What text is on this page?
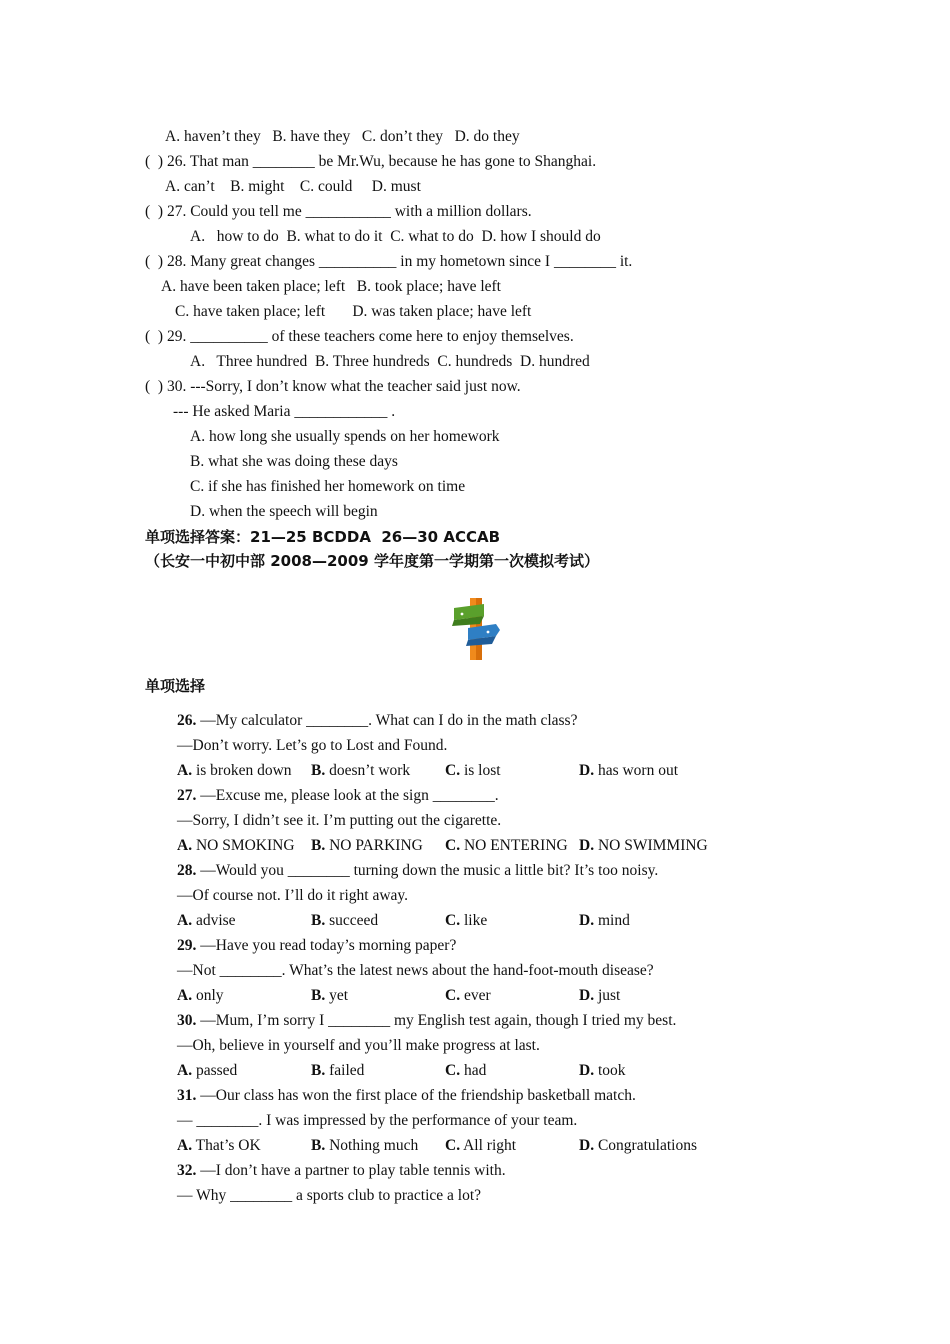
A. haven’t they   B. have they   C. don’t they   D. do they
(  ) 26. That man ________ be Mr.Wu, because he has gone to Shanghai.
A. can’t    B. might    C. could     D. must
(  ) 27. Could you tell me ___________ with a million dollars.
A.   how to do  B. what to do it  C. what to do  D. how I should do
(  ) 28. Many great changes __________ in my hometown since I ________ it.
A. have been taken place; left   B. took place; have left
C. have taken place; left       D. was taken place; have left
(  ) 29. __________ of these teachers come here to enjoy themselves.
A.   Three hundred  B. Three hundreds  C. hundreds  D. hundred
(  ) 30. ---Sorry, I don’t know what the teacher said just now.
--- He asked Maria ____________ .
A. how long she usually spends on her homework
B. what she was doing these days
C. if she has finished her homework on time
D. when the speech will begin
单项选择答案：21—25 BCDDA  26—30 ACCAB
（长安一中初中部 2008—2009 学年度第一学期第一次模拟考试）
单项选择
26. —My calculator ________. What can I do in the math class?
—Don’t worry. Let’s go to Lost and Found.
A. is broken down B. doesn’t work C. is lost	D. has worn out
27. —Excuse me, please look at the sign ________.
—Sorry, I didn’t see it. I’m putting out the cigarette.
A. NO SMOKING B. NO PARKING C. NO ENTERING D. NO SWIMMING
28. —Would you ________ turning down the music a little bit? It’s too noisy.
—Of course not. I’ll do it right away.
A. advise	B. succeed	C. like	D. mind
29. —Have you read today’s morning paper?
—Not ________. What’s the latest news about the hand-foot-mouth disease?
A. only	B. yet	C. ever	D. just
30. —Mum, I’m sorry I ________ my English test again, though I tried my best.
—Oh, believe in yourself and you’ll make progress at last.
A. passed	B. failed	C. had	D. took
31. —Our class has won the first place of the friendship basketball match.
— ________. I was impressed by the performance of your team.
A. That’s OK	B. Nothing much C. All right	D. Congratulations
32. —I don’t have a partner to play table tennis with.
— Why ________ a sports club to practice a lot?
